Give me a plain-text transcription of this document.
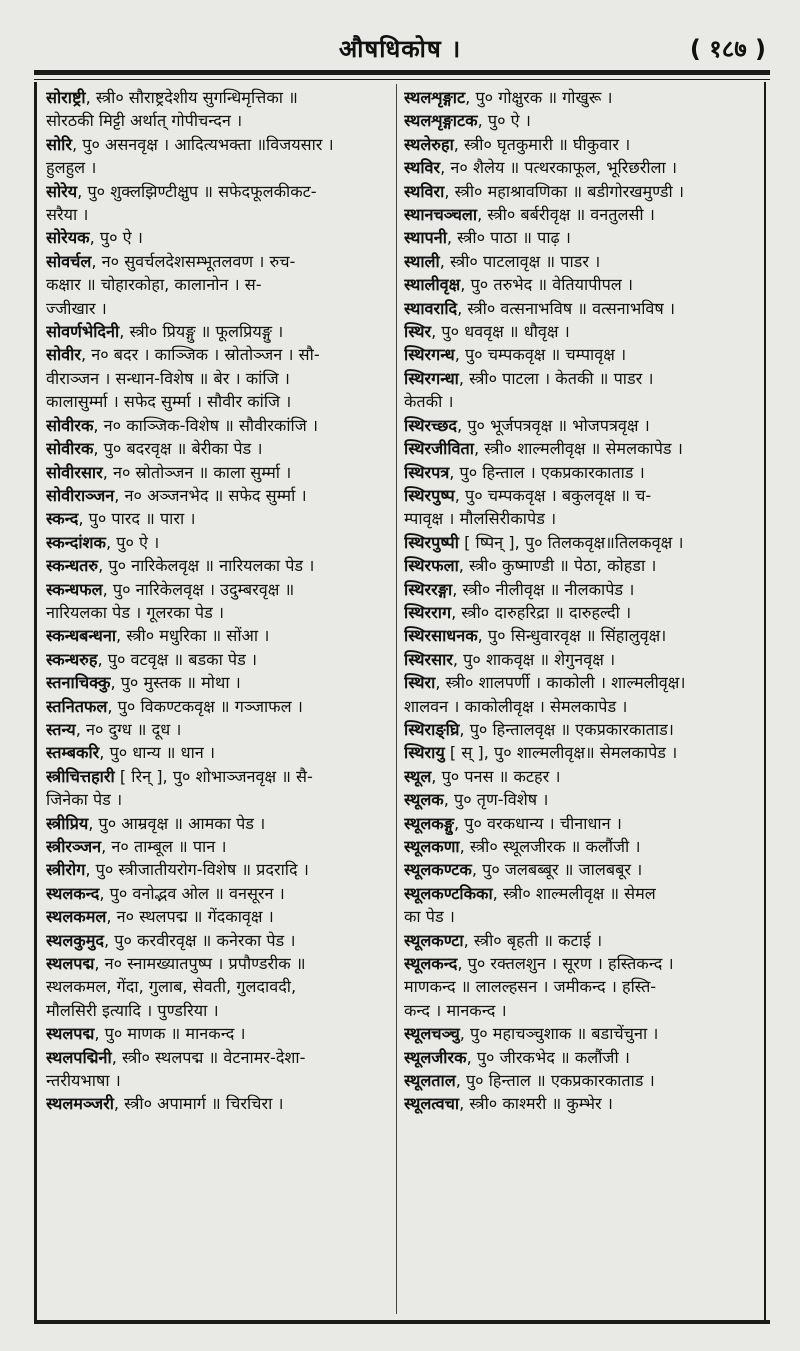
औषधिकोष ।	( १८७ )
सोराष्ट्री, स्त्री० सौराष्ट्रदेशीय सुगन्धिमृत्तिका ॥
सोरठकी मिट्टी अर्थात् गोपीचन्दन ।
सोरि, पु० असनवृक्ष । आदित्यभक्ता ॥विजयसार ।
हुलहुल ।
सोरेय, पु० शुक्लझिण्टीक्षुप ॥ सफेदफूलकीकट-
सरैया ।
सोरेयक, पु० ऐ ।
सोवर्चल, न० सुवर्चलदेशसम्भूतलवण । रुच-
कक्षार ॥ चोहारकोहा, कालानोन । स-
ज्जीखार ।
सोवर्णभेदिनी, स्त्री० प्रियङ्गु ॥ फूलप्रियङ्गु ।
सोवीर, न० बदर । काञ्जिक । स्रोतोञ्जन । सौ-
वीराञ्जन । सन्धान-विशेष ॥ बेर । कांजि ।
कालासुर्म्मा । सफेद सुर्म्मा । सौवीर कांजि ।
सोवीरक, न० काञ्जिक-विशेष ॥ सौवीरकांजि ।
सोवीरक, पु० बदरवृक्ष ॥ बेरीका पेड ।
सोवीरसार, न० स्रोतोञ्जन ॥ काला सुर्म्मा ।
सोवीराञ्जन, न० अञ्जनभेद ॥ सफेद सुर्म्मा ।
स्कन्द, पु० पारद ॥ पारा ।
स्कन्दांशक, पु० ऐ ।
स्कन्धतरु, पु० नारिकेलवृक्ष ॥ नारियलका पेड ।
स्कन्धफल, पु० नारिकेलवृक्ष । उदुम्बरवृक्ष ॥
नारियलका पेड । गूलरका पेड ।
स्कन्धबन्धना, स्त्री० मधुरिका ॥ सोंआ ।
स्कन्धरुह, पु० वटवृक्ष ॥ बडका पेड ।
स्तनाचिक्कु, पु० मुस्तक ॥ मोथा ।
स्तनितफल, पु० विकण्टकवृक्ष ॥ गञ्जाफल ।
स्तन्य, न० दुग्ध ॥ दूध ।
स्तम्बकरि, पु० धान्य ॥ धान ।
स्त्रीचित्तहारी [ रिन् ], पु० शोभाञ्जनवृक्ष ॥ सै-
जिनेका पेड ।
स्त्रीप्रिय, पु० आम्रवृक्ष ॥ आमका पेड ।
स्त्रीरञ्जन, न० ताम्बूल ॥ पान ।
स्त्रीरोग, पु० स्त्रीजातीयरोग-विशेष ॥ प्रदरादि ।
स्थलकन्द, पु० वनोद्भव ओल ॥ वनसूरन ।
स्थलकमल, न० स्थलपद्म ॥ गेंदकावृक्ष ।
स्थलकुमुद, पु० करवीरवृक्ष ॥ कनेरका पेड ।
स्थलपद्म, न० स्नामख्यातपुष्प । प्रपौण्डरीक ॥
स्थलकमल, गेंदा, गुलाब, सेवती, गुलदावदी,
मौलसिरी इत्यादि । पुण्डरिया ।
स्थलपद्म, पु० माणक ॥ मानकन्द ।
स्थलपद्मिनी, स्त्री० स्थलपद्म ॥ वेटनामर-देशा-
न्तरीयभाषा ।
स्थलमञ्जरी, स्त्री० अपामार्ग ॥ चिरचिरा ।
स्थलशृङ्गाट, पु० गोक्षुरक ॥ गोखुरू ।
स्थलशृङ्गाटक, पु० ऐ ।
स्थलेरुहा, स्त्री० घृतकुमारी ॥ घीकुवार ।
स्थविर, न० शैलेय ॥ पत्थरकाफूल, भूरिछरीला ।
स्थविरा, स्त्री० महाश्रावणिका ॥ बडीगोरखमुण्डी ।
स्थानचञ्चला, स्त्री० बर्बरीवृक्ष ॥ वनतुलसी ।
स्थापनी, स्त्री० पाठा ॥ पाढ़ ।
स्थाली, स्त्री० पाटलावृक्ष ॥ पाडर ।
स्थालीवृक्ष, पु० तरुभेद ॥ वेतियापीपल ।
स्थावरादि, स्त्री० वत्सनाभविष ॥ वत्सनाभविष ।
स्थिर, पु० धववृक्ष ॥ धौवृक्ष ।
स्थिरगन्ध, पु० चम्पकवृक्ष ॥ चम्पावृक्ष ।
स्थिरगन्धा, स्त्री० पाटला । केतकी ॥ पाडर ।
केतकी ।
स्थिरच्छद, पु० भूर्जपत्रवृक्ष ॥ भोजपत्रवृक्ष ।
स्थिरजीविता, स्त्री० शाल्मलीवृक्ष ॥ सेमलकापेड ।
स्थिरपत्र, पु० हिन्ताल । एकप्रकारकाताड ।
स्थिरपुष्प, पु० चम्पकवृक्ष । बकुलवृक्ष ॥ च-
म्पावृक्ष । मौलसिरीकापेड ।
स्थिरपुष्पी [ ष्पिन् ], पु० तिलकवृक्ष॥तिलकवृक्ष ।
स्थिरफला, स्त्री० कुष्माण्डी ॥ पेठा, कोहडा ।
स्थिररङ्गा, स्त्री० नीलीवृक्ष ॥ नीलकापेड ।
स्थिरराग, स्त्री० दारुहरिद्रा ॥ दारुहल्दी ।
स्थिरसाधनक, पु० सिन्धुवारवृक्ष ॥ सिंहालुवृक्ष।
स्थिरसार, पु० शाकवृक्ष ॥ शेगुनवृक्ष ।
स्थिरा, स्त्री० शालपर्णी । काकोली । शाल्मलीवृक्ष।
शालवन । काकोलीवृक्ष । सेमलकापेड ।
स्थिराङ्घ्रि, पु० हिन्तालवृक्ष ॥ एकप्रकारकाताड।
स्थिरायु [ स् ], पु० शाल्मलीवृक्ष॥ सेमलकापेड ।
स्थूल, पु० पनस ॥ कटहर ।
स्थूलक, पु० तृण-विशेष ।
स्थूलकङ्गु, पु० वरकधान्य । चीनाधान ।
स्थूलकणा, स्त्री० स्थूलजीरक ॥ कलौंजी ।
स्थूलकण्टक, पु० जलबब्बूर ॥ जालबबूर ।
स्थूलकण्टकिका, स्त्री० शाल्मलीवृक्ष ॥ सेमल
का पेड ।
स्थूलकण्टा, स्त्री० बृहती ॥ कटाई ।
स्थूलकन्द, पु० रक्तलशुन । सूरण । हस्तिकन्द ।
माणकन्द ॥ लालल्हसन । जमीकन्द । हस्ति-
कन्द । मानकन्द ।
स्थूलचञ्चु, पु० महाचञ्चुशाक ॥ बडाचेंचुना ।
स्थूलजीरक, पु० जीरकभेद ॥ कलौंजी ।
स्थूलताल, पु० हिन्ताल ॥ एकप्रकारकाताड ।
स्थूलत्वचा, स्त्री० काश्मरी ॥ कुम्भेर ।
